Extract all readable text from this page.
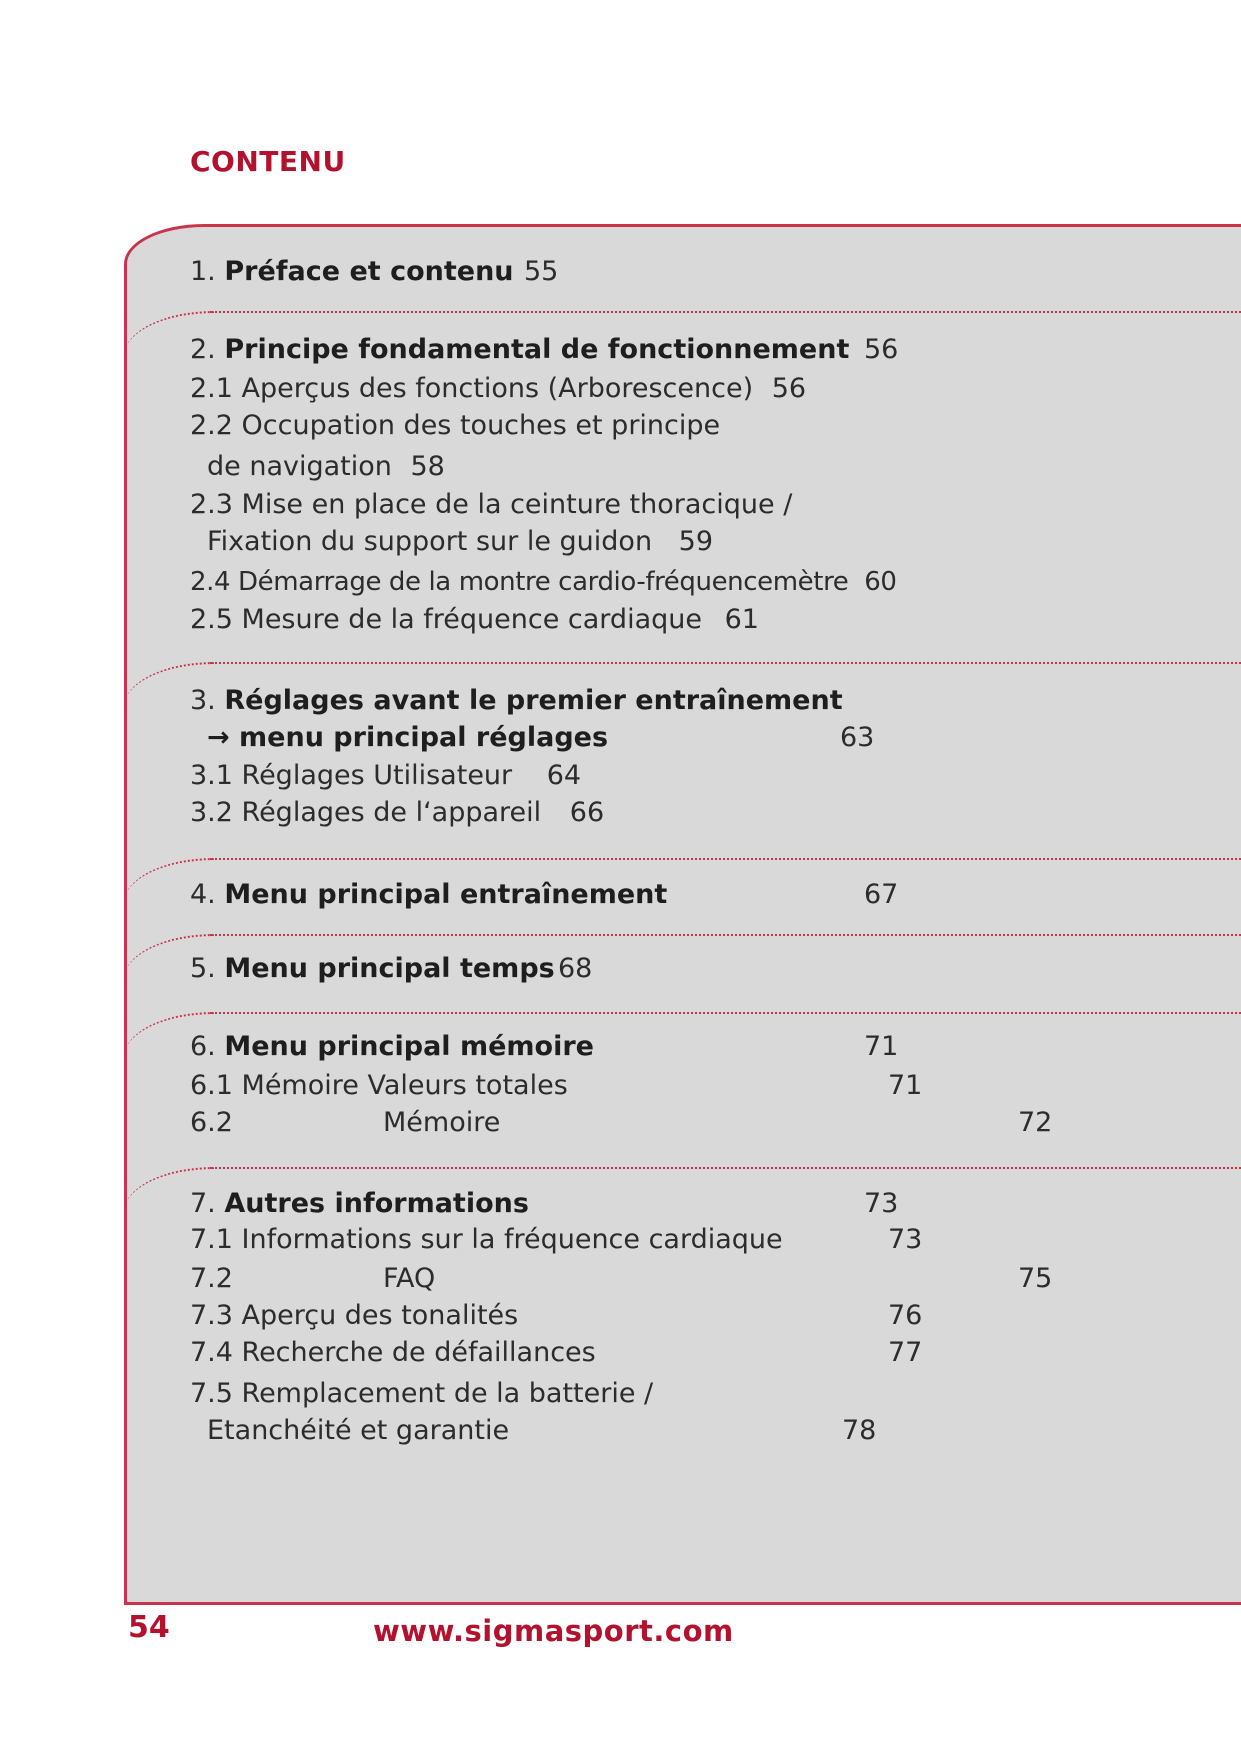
CONTENU
1. Préface et contenu 55
2. Principe fondamental de fonctionnement 56
2.1 Aperçus des fonctions (Arborescence) 56
2.2 Occupation des touches et principe
de navigation 58
2.3 Mise en place de la ceinture thoracique /
Fixation du support sur le guidon 59
2.4 Démarrage de la montre cardio-fréquencemètre 60
2.5 Mesure de la fréquence cardiaque 61
3. Réglages avant le premier entraînement
→ menu principal réglages	63
3.1 Réglages Utilisateur 64
3.2 Réglages de l‘appareil 66
4. Menu principal entraînement	67
5. Menu principal temps 68
6. Menu principal mémoire	71
6.1 Mémoire Valeurs totales	71
6.2	Mémoire	72
7. Autres informations	73
7.1 Informations sur la fréquence cardiaque	73
7.2	FAQ	75
7.3 Aperçu des tonalités	76
7.4 Recherche de défaillances	77
7.5 Remplacement de la batterie /
Etanchéité et garantie	78
54	www.sigmasport.com
